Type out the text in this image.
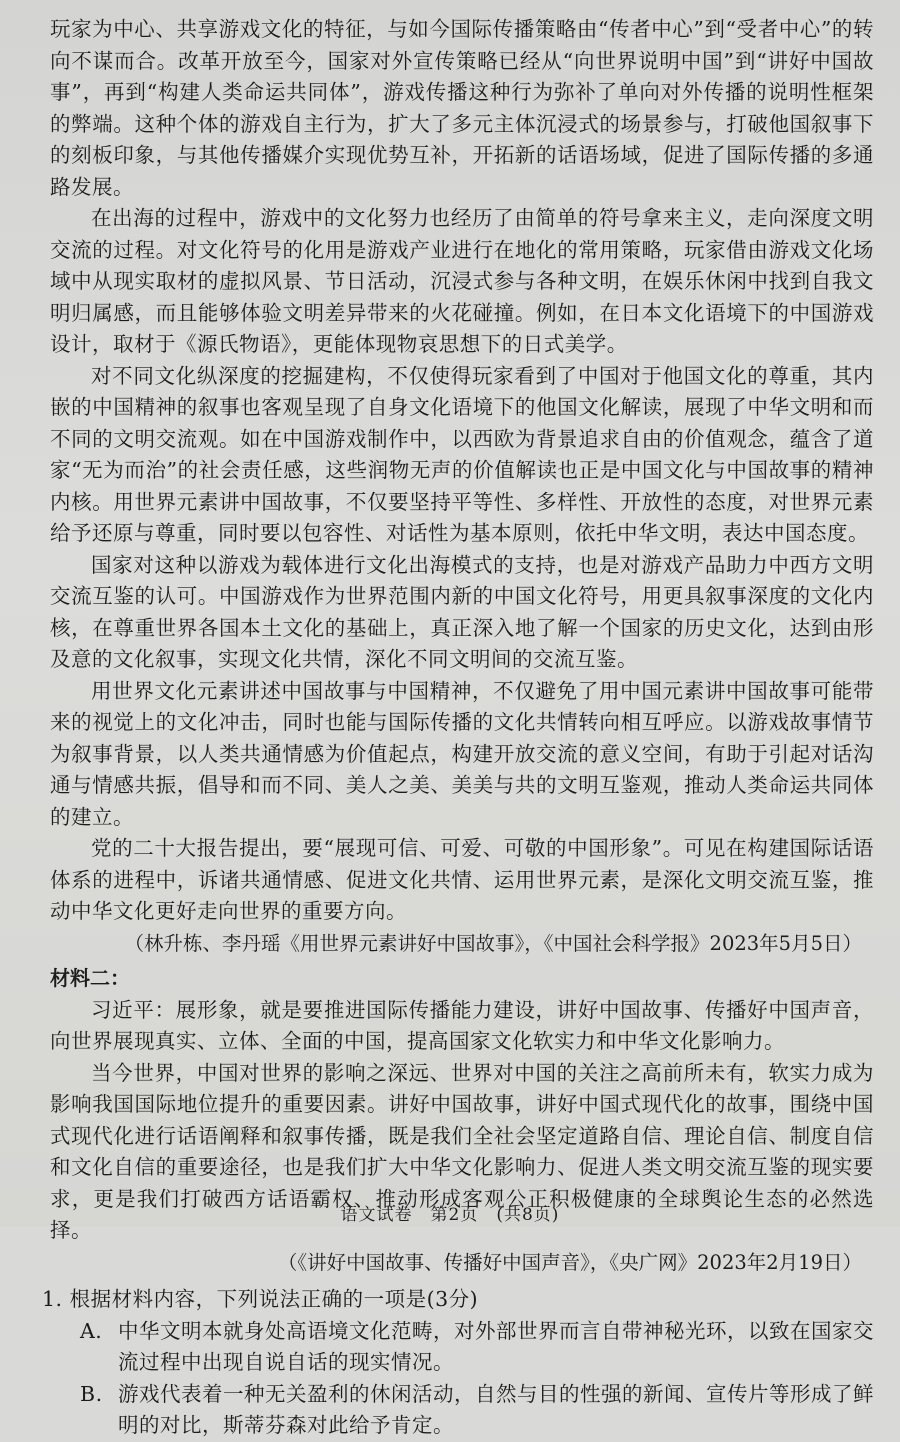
玩家为中心、共享游戏文化的特征，与如今国际传播策略由“传者中心”到“受者中心”的转向不谋而合。改革开放至今，国家对外宣传策略已经从“向世界说明中国”到“讲好中国故事”，再到“构建人类命运共同体”，游戏传播这种行为弥补了单向对外传播的说明性框架的弊端。这种个体的游戏自主行为，扩大了多元主体沉浸式的场景参与，打破他国叙事下的刻板印象，与其他传播媒介实现优势互补，开拓新的话语场域，促进了国际传播的多通路发展。

在出海的过程中，游戏中的文化努力也经历了由简单的符号拿来主义，走向深度文明交流的过程。对文化符号的化用是游戏产业进行在地化的常用策略，玩家借由游戏文化场域中从现实取材的虚拟风景、节日活动，沉浸式参与各种文明，在娱乐休闲中找到自我文明归属感，而且能够体验文明差异带来的火花碰撞。例如，在日本文化语境下的中国游戏设计，取材于《源氏物语》，更能体现物哀思想下的日式美学。

对不同文化纵深度的挖掘建构，不仅使得玩家看到了中国对于他国文化的尊重，其内嵌的中国精神的叙事也客观呈现了自身文化语境下的他国文化解读，展现了中华文明和而不同的文明交流观。如在中国游戏制作中，以西欧为背景追求自由的价值观念，蕴含了道家“无为而治”的社会责任感，这些润物无声的价值解读也正是中国文化与中国故事的精神内核。用世界元素讲中国故事，不仅要坚持平等性、多样性、开放性的态度，对世界元素给予还原与尊重，同时要以包容性、对话性为基本原则，依托中华文明，表达中国态度。

国家对这种以游戏为载体进行文化出海模式的支持，也是对游戏产品助力中西方文明交流互鉴的认可。中国游戏作为世界范围内新的中国文化符号，用更具叙事深度的文化内核，在尊重世界各国本土文化的基础上，真正深入地了解一个国家的历史文化，达到由形及意的文化叙事，实现文化共情，深化不同文明间的交流互鉴。

用世界文化元素讲述中国故事与中国精神，不仅避免了用中国元素讲中国故事可能带来的视觉上的文化冲击，同时也能与国际传播的文化共情转向相互呼应。以游戏故事情节为叙事背景，以人类共通情感为价值起点，构建开放交流的意义空间，有助于引起对话沟通与情感共振，倡导和而不同、美人之美、美美与共的文明互鉴观，推动人类命运共同体的建立。

党的二十大报告提出，要“展现可信、可爱、可敬的中国形象”。可见在构建国际话语体系的进程中，诉诸共通情感、促进文化共情、运用世界元素，是深化文明交流互鉴，推动中华文化更好走向世界的重要方向。

（林升栋、李丹瑶《用世界元素讲好中国故事》，《中国社会科学报》2023年5月5日）

材料二：

习近平：展形象，就是要推进国际传播能力建设，讲好中国故事、传播好中国声音，向世界展现真实、立体、全面的中国，提高国家文化软实力和中华文化影响力。

当今世界，中国对世界的影响之深远、世界对中国的关注之高前所未有，软实力成为影响我国国际地位提升的重要因素。讲好中国故事，讲好中国式现代化的故事，围绕中国式现代化进行话语阐释和叙事传播，既是我们全社会坚定道路自信、理论自信、制度自信和文化自信的重要途径，也是我们扩大中华文化影响力、促进人类文明交流互鉴的现实要求，更是我们打破西方话语霸权、推动形成客观公正积极健康的全球舆论生态的必然选择。

（《讲好中国故事、传播好中国声音》，《央广网》2023年2月19日）

1. 根据材料内容，下列说法正确的一项是(3分)
A. 中华文明本就身处高语境文化范畴，对外部世界而言自带神秘光环，以致在国家交流过程中出现自说自话的现实情况。
B. 游戏代表着一种无关盈利的休闲活动，自然与目的性强的新闻、宣传片等形成了鲜明的对比，斯蒂芬森对此给予肯定。
语文试卷　第2页　(共8页)
